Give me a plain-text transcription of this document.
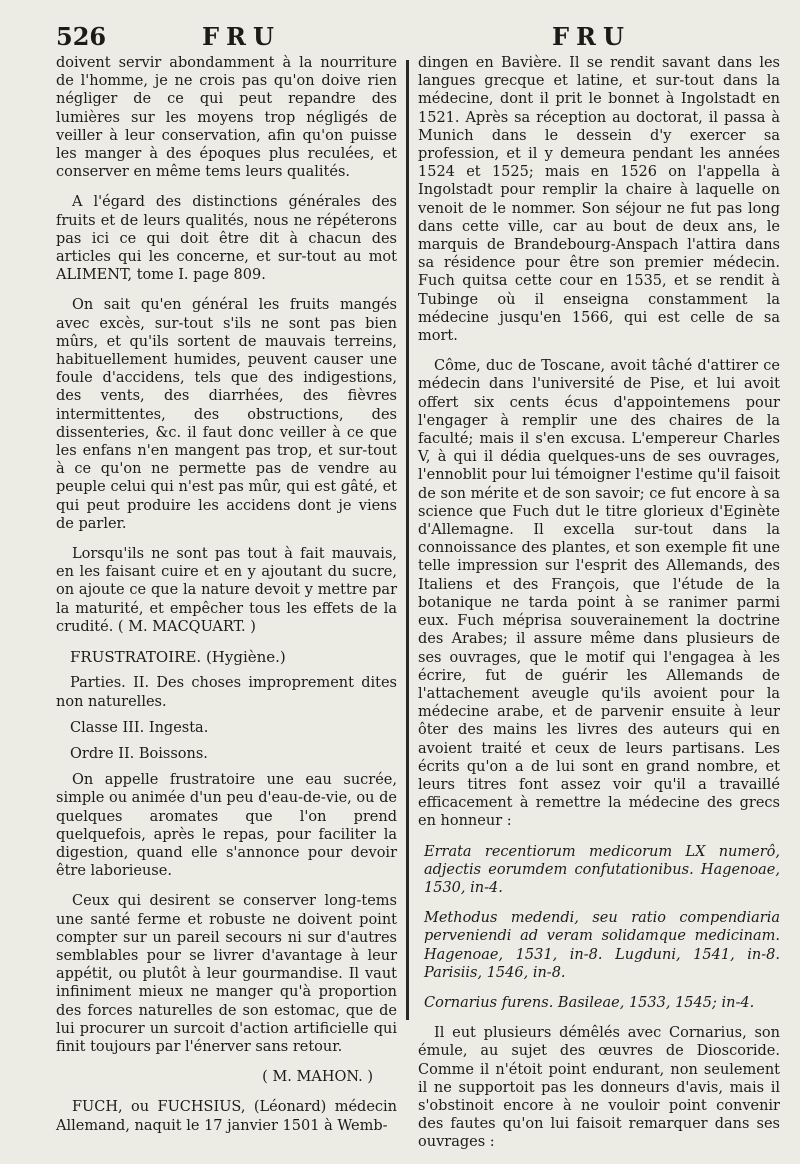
526	FRU	FRU

doivent servir abondamment à la nourriture de l'homme, je ne crois pas qu'on doive rien négliger de ce qui peut repandre des lumières sur les moyens trop négligés de veiller à leur conservation, afin qu'on puisse les manger à des époques plus reculées, et conserver en même tems leurs qualités.

A l'égard des distinctions générales des fruits et de leurs qualités, nous ne répéterons pas ici ce qui doit être dit à chacun des articles qui les concerne, et sur-tout au mot ALIMENT, tome I. page 809.

On sait qu'en général les fruits mangés avec excès, sur-tout s'ils ne sont pas bien mûrs, et qu'ils sortent de mauvais terreins, habituellement humides, peuvent causer une foule d'accidens, tels que des indigestions, des vents, des diarrhées, des fièvres intermittentes, des obstructions, des dissenteries, &c. il faut donc veiller à ce que les enfans n'en mangent pas trop, et sur-tout à ce qu'on ne permette pas de vendre au peuple celui qui n'est pas mûr, qui est gâté, et qui peut produire les accidens dont je viens de parler.

Lorsqu'ils ne sont pas tout à fait mauvais, en les faisant cuire et en y ajoutant du sucre, on ajoute ce que la nature devoit y mettre par la maturité, et empêcher tous les effets de la crudité. ( M. MACQUART. )

FRUSTRATOIRE. (Hygiène.)

Parties. II. Des choses improprement dites non naturelles.

Classe III. Ingesta.

Ordre II. Boissons.

On appelle frustratoire une eau sucrée, simple ou animée d'un peu d'eau-de-vie, ou de quelques aromates que l'on prend quelquefois, après le repas, pour faciliter la digestion, quand elle s'annonce pour devoir être laborieuse.

Ceux qui desirent se conserver long-tems une santé ferme et robuste ne doivent point compter sur un pareil secours ni sur d'autres semblables pour se livrer d'avantage à leur appétit, ou plutôt à leur gourmandise. Il vaut infiniment mieux ne manger qu'à proportion des forces naturelles de son estomac, que de lui procurer un surcoit d'action artificielle qui finit toujours par l'énerver sans retour.

( M. MAHON. )

FUCH, ou FUCHSIUS, (Léonard) médecin Allemand, naquit le 17 janvier 1501 à Wemb-

dingen en Bavière. Il se rendit savant dans les langues grecque et latine, et sur-tout dans la médecine, dont il prit le bonnet à Ingolstadt en 1521. Après sa réception au doctorat, il passa à Munich dans le dessein d'y exercer sa profession, et il y demeura pendant les années 1524 et 1525; mais en 1526 on l'appella à Ingolstadt pour remplir la chaire à laquelle on venoit de le nommer. Son séjour ne fut pas long dans cette ville, car au bout de deux ans, le marquis de Brandebourg-Anspach l'attira dans sa résidence pour être son premier médecin. Fuch quitsa cette cour en 1535, et se rendit à Tubinge où il enseigna constamment la médecine jusqu'en 1566, qui est celle de sa mort.

Côme, duc de Toscane, avoit tâché d'attirer ce médecin dans l'université de Pise, et lui avoit offert six cents écus d'appointemens pour l'engager à remplir une des chaires de la faculté; mais il s'en excusa. L'empereur Charles V, à qui il dédia quelques-uns de ses ouvrages, l'ennoblit pour lui témoigner l'estime qu'il faisoit de son mérite et de son savoir; ce fut encore à sa science que Fuch dut le titre glorieux d'Eginète d'Allemagne. Il excella sur-tout dans la connoissance des plantes, et son exemple fit une telle impression sur l'esprit des Allemands, des Italiens et des François, que l'étude de la botanique ne tarda point à se ranimer parmi eux. Fuch méprisa souverainement la doctrine des Arabes; il assure même dans plusieurs de ses ouvrages, que le motif qui l'engagea à les écrire, fut de guérir les Allemands de l'attachement aveugle qu'ils avoient pour la médecine arabe, et de parvenir ensuite à leur ôter des mains les livres des auteurs qui en avoient traité et ceux de leurs partisans. Les écrits qu'on a de lui sont en grand nombre, et leurs titres font assez voir qu'il a travaillé efficacement à remettre la médecine des grecs en honneur :

Errata recentiorum medicorum LX numerô, adjectis eorumdem confutationibus. Hagenoae, 1530, in-4.

Methodus medendi, seu ratio compendiaria perveniendi ad veram solidamque medicinam. Hagenoae, 1531, in-8. Lugduni, 1541, in-8. Parisiis, 1546, in-8.

Cornarius furens. Basileae, 1533, 1545; in-4.

Il eut plusieurs démêlés avec Cornarius, son émule, au sujet des œuvres de Dioscoride. Comme il n'étoit point endurant, non seulement il ne supportoit pas les donneurs d'avis, mais il s'obstinoit encore à ne vouloir point convenir des fautes qu'on lui faisoit remarquer dans ses ouvrages :
